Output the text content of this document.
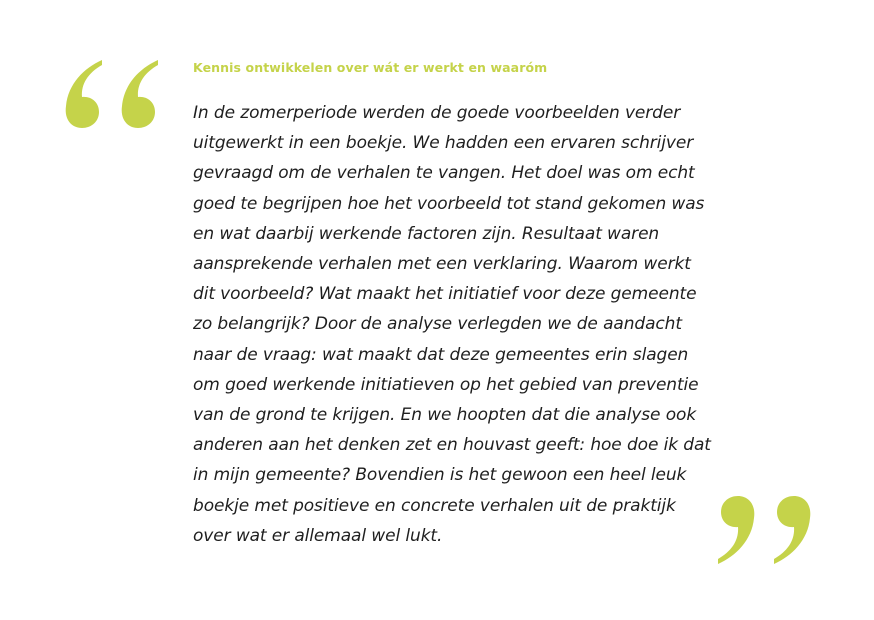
Kennis ontwikkelen over wát er werkt en waaróm
In de zomerperiode werden de goede voorbeelden verder
uitgewerkt in een boekje. We hadden een ervaren schrijver
gevraagd om de verhalen te vangen. Het doel was om echt
goed te begrijpen hoe het voorbeeld tot stand gekomen was
en wat daarbij werkende factoren zijn. Resultaat waren
aansprekende verhalen met een verklaring. Waarom werkt
dit voorbeeld? Wat maakt het initiatief voor deze gemeente
zo belangrijk? Door de analyse verlegden we de aandacht
naar de vraag: wat maakt dat deze gemeentes erin slagen
om goed werkende initiatieven op het gebied van preventie
van de grond te krijgen. En we hoopten dat die analyse ook
anderen aan het denken zet en houvast geeft: hoe doe ik dat
in mijn gemeente? Bovendien is het gewoon een heel leuk
boekje met positieve en concrete verhalen uit de praktijk
over wat er allemaal wel lukt.
